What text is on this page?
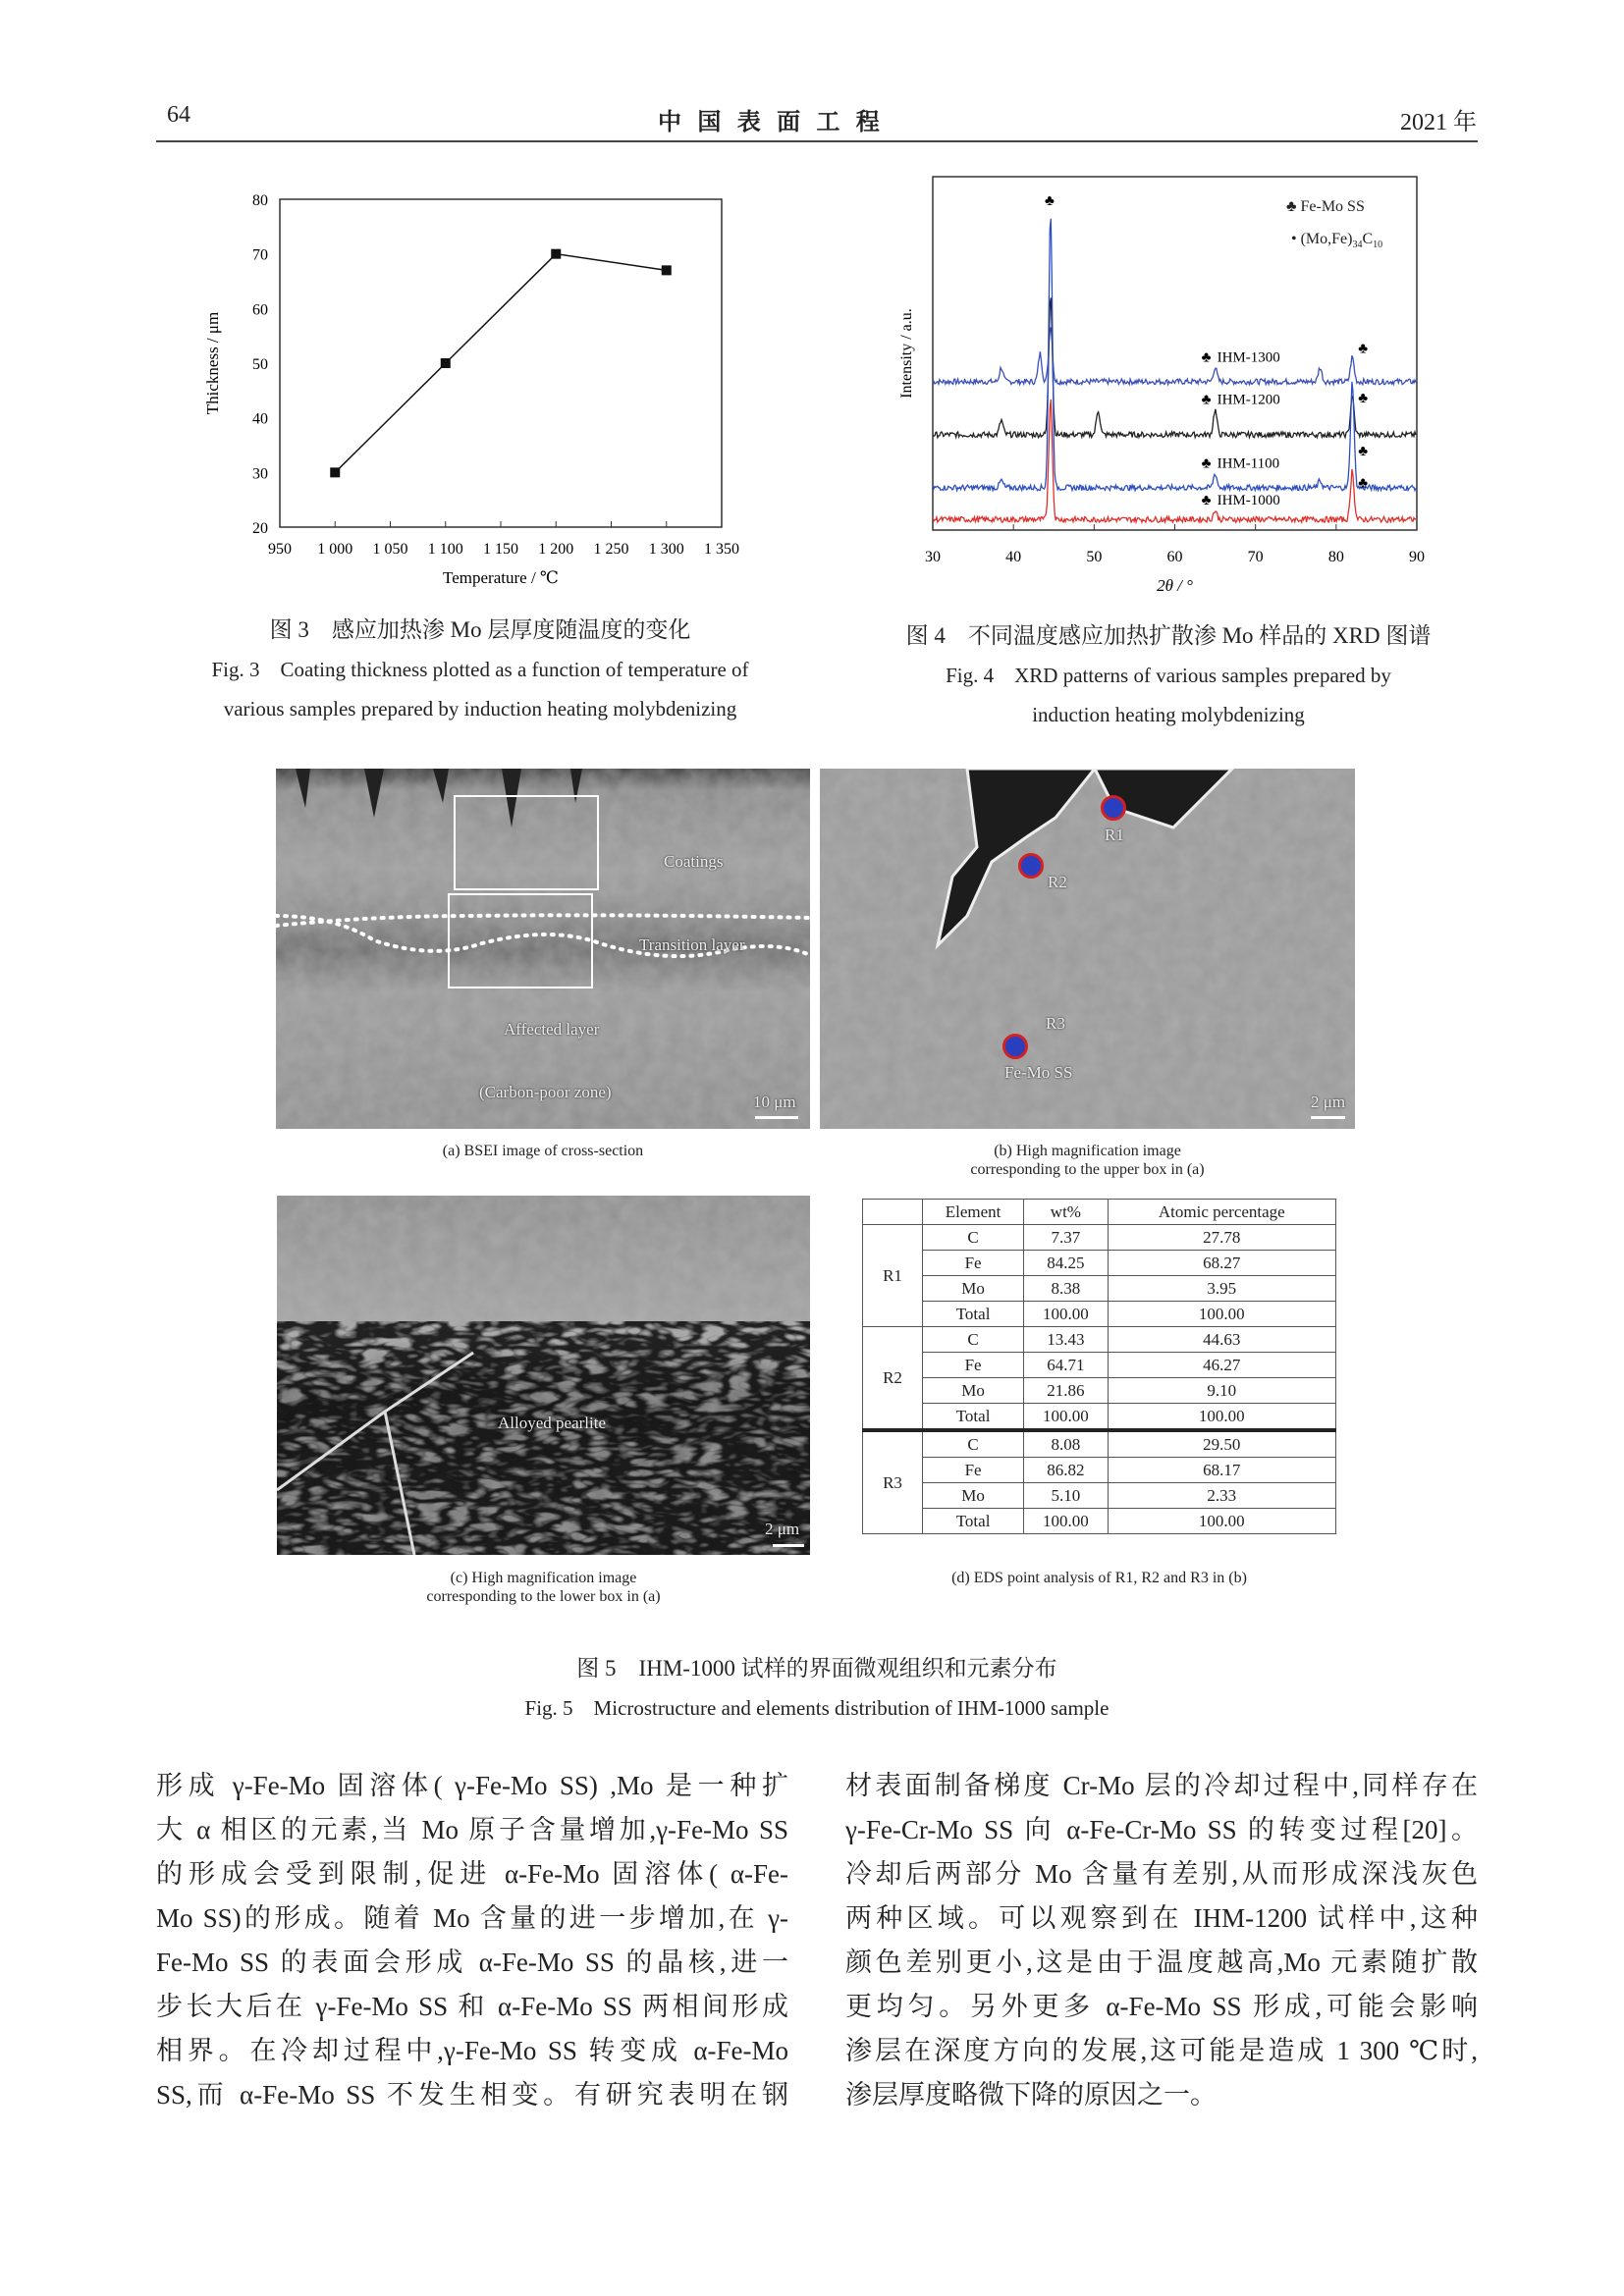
64	中 国 表 面 工 程	2021 年
950 1 000 1 050 1 100 1 150 1 200 1 250 1 300 1 350
20
30
40
50
60
70
80
Temperature / ℃
Thickness / μm
图 3　感应加热渗 Mo 层厚度随温度的变化
Fig. 3　Coating thickness plotted as a function of temperature of
various samples prepared by induction heating molybdenizing
30	40	50	60	70	80	90
2θ / °
Intensity / a.u.	IHM-1300
♣
♣
IHM-1200
♣	♣
IHM-1100
♣
♣
IHM-1000
♣
♣
♣	♣ Fe-Mo SS
• $(Mo,Fe)_{34}C_{10}$
图 4　不同温度感应加热扩散渗 Mo 样品的 XRD 图谱
Fig. 4　XRD patterns of various samples prepared by
induction heating molybdenizing
Coatings
Transition layer
Affected layer
(Carbon-poor zone)
10 μm
(a) BSEI image of cross-section
R1
R2
R3
Fe-Mo SS
2 μm
(b) High magnification image
corresponding to the upper box in (a)
Alloyed pearlite
2 μm
(c) High magnification image
corresponding to the lower box in (a)
	Element	wt%	Atomic percentage
R1	C	7.37	27.78
	Fe	84.25	68.27
	Mo	8.38	3.95
	Total	100.00	100.00
R2	C	13.43	44.63
	Fe	64.71	46.27
	Mo	21.86	9.10
	Total	100.00	100.00
R3	C	8.08	29.50
	Fe	86.82	68.17
	Mo	5.10	2.33
	Total	100.00	100.00
(d) EDS point analysis of R1, R2 and R3 in (b)
图 5　IHM-1000 试样的界面微观组织和元素分布
Fig. 5　Microstructure and elements distribution of IHM-1000 sample
形成 γ-Fe-Mo 固溶体( γ-Fe-Mo SS) ,Mo 是一种扩
大 α 相区的元素,当 Mo 原子含量增加,γ-Fe-Mo SS
的形成会受到限制,促进 α-Fe-Mo 固溶体( α-Fe-
Mo SS)的形成。随着 Mo 含量的进一步增加,在 γ-
Fe-Mo SS 的表面会形成 α-Fe-Mo SS 的晶核,进一
步长大后在 γ-Fe-Mo SS 和 α-Fe-Mo SS 两相间形成
相界。在冷却过程中,γ-Fe-Mo SS 转变成 α-Fe-Mo
SS,而 α-Fe-Mo SS 不发生相变。有研究表明在钢
材表面制备梯度 Cr-Mo 层的冷却过程中,同样存在
γ-Fe-Cr-Mo SS 向 α-Fe-Cr-Mo SS 的转变过程[20]。
冷却后两部分 Mo 含量有差别,从而形成深浅灰色
两种区域。可以观察到在 IHM-1200 试样中,这种
颜色差别更小,这是由于温度越高,Mo 元素随扩散
更均匀。另外更多 α-Fe-Mo SS 形成,可能会影响
渗层在深度方向的发展,这可能是造成 1 300 ℃时,
渗层厚度略微下降的原因之一。
